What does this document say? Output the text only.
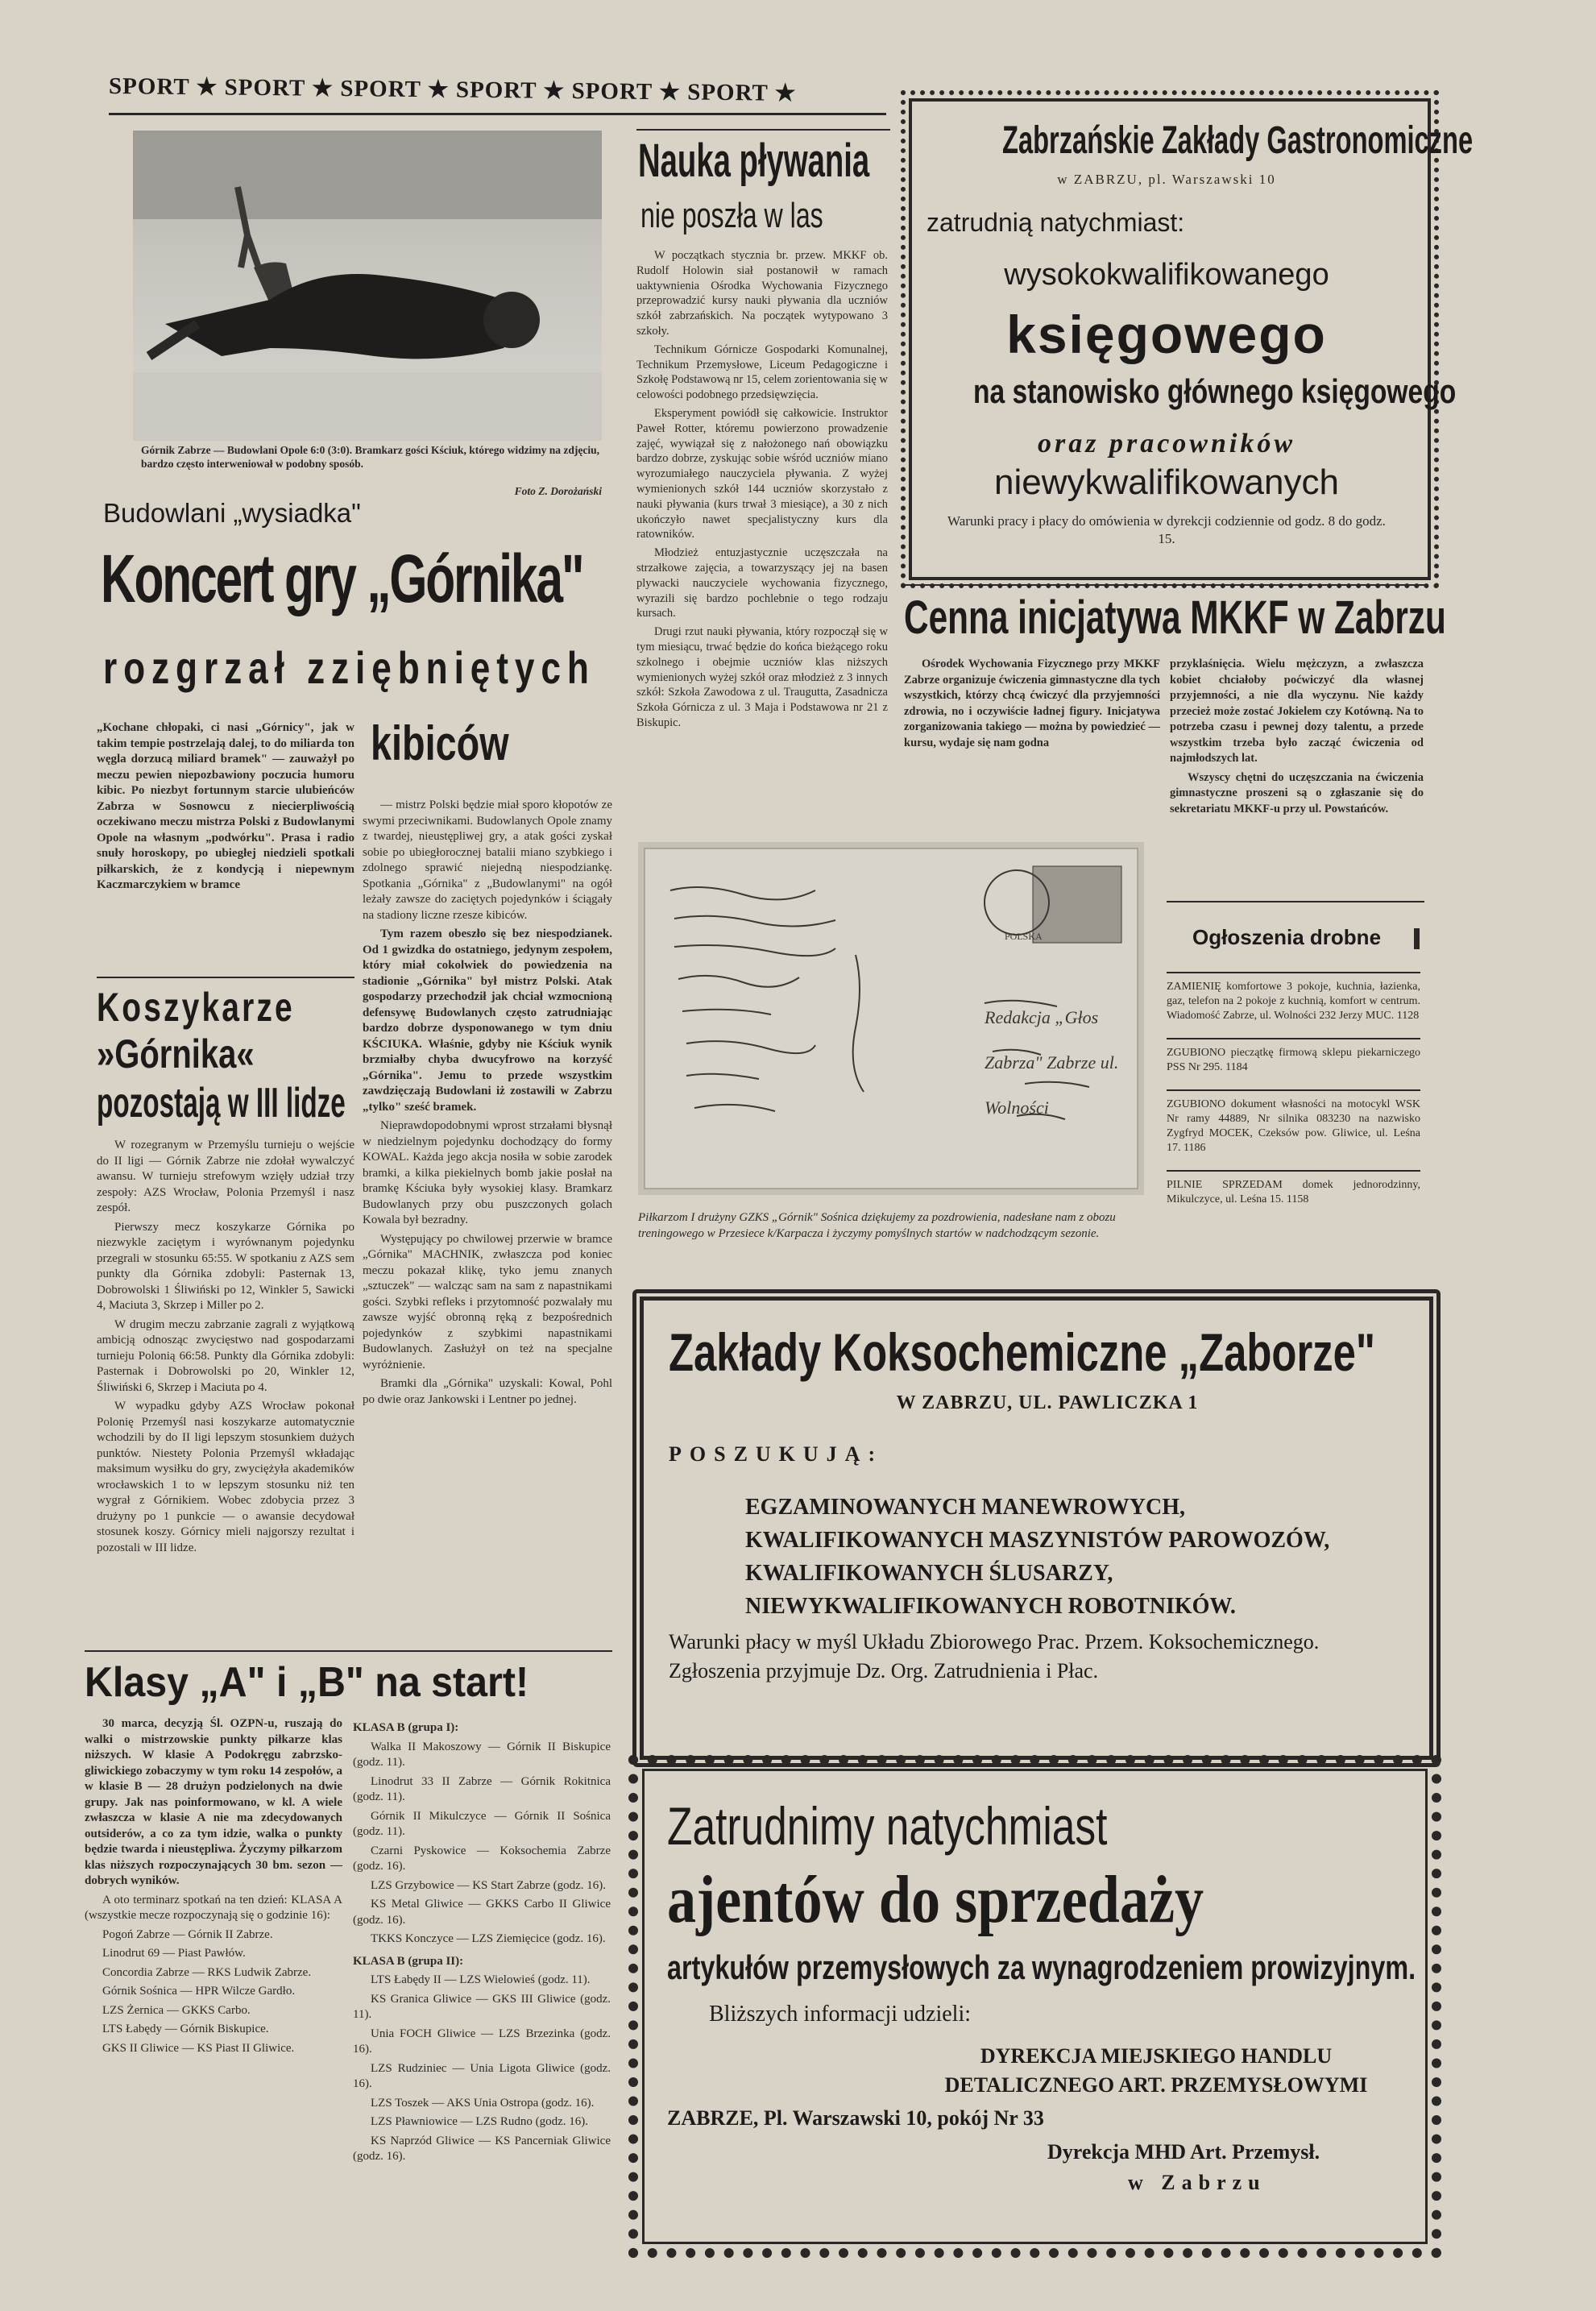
SPORT ★ SPORT ★ SPORT ★ SPORT ★ SPORT ★ SPORT ★
Górnik Zabrze — Budowlani Opole 6:0 (3:0). Bramkarz gości Kściuk, którego widzimy na zdjęciu, bardzo często interweniował w podobny sposób.
Foto Z. Dorożański
Budowlani „wysiadka"
Koncert gry „Górnika"
rozgrzał zziębniętych
kibiców
„Kochane chłopaki, ci nasi „Górnicy", jak w takim tempie postrzelają dalej, to do miliarda ton węgla dorzucą miliard bramek" — zauważył po meczu pewien niepozbawiony poczucia humoru kibic. Po niezbyt fortunnym starcie ulubieńców Zabrza w Sosnowcu z niecierpliwością oczekiwano meczu mistrza Polski z Budowlanymi Opole na własnym „podwórku". Prasa i radio snuły horoskopy, po ubiegłej niedzieli spotkali piłkarskich, że z kondycją i niepewnym Kaczmarczykiem w bramce

— mistrz Polski będzie miał sporo kłopotów ze swymi przeciwnikami. Budowlanych Opole znamy z twardej, nieustępliwej gry, a atak gości zyskał sobie po ubiegłorocznej batalii miano szybkiego i zdolnego sprawić niejedną niespodziankę. Spotkania „Górnika" z „Budowlanymi" na ogół leżały zawsze do zaciętych pojedynków i ściągały na stadiony liczne rzesze kibiców.

Tym razem obeszło się bez niespodzianek. Od 1 gwizdka do ostatniego, jedynym zespołem, który miał cokolwiek do powiedzenia na stadionie „Górnika" był mistrz Polski. Atak gospodarzy przechodził jak chciał wzmocnioną defensywę Budowlanych często zatrudniając bardzo dobrze dysponowanego w tym dniu KŚCIUKA. Właśnie, gdyby nie Kściuk wynik brzmiałby chyba dwucyfrowo na korzyść „Górnika". Jemu to przede wszystkim zawdzięczają Budowlani iż zostawili w Zabrzu „tylko" sześć bramek.

Nieprawdopodobnymi wprost strzałami błysnął w niedzielnym pojedynku dochodzący do formy KOWAL. Każda jego akcja nosiła w sobie zarodek bramki, a kilka piekielnych bomb jakie posłał na bramkę Kściuka były wysokiej klasy. Bramkarz Budowlanych przy obu puszczonych golach Kowala był bezradny.

Występujący po chwilowej przerwie w bramce „Górnika" MACHNIK, zwłaszcza pod koniec meczu pokazał klikę, tyko jemu znanych „sztuczek" — walcząc sam na sam z napastnikami gości. Szybki refleks i przytomność pozwalały mu zawsze wyjść obronną ręką z bezpośrednich pojedynków z szybkimi napastnikami Budowlanych. Zasłużył on też na specjalne wyróżnienie.

Bramki dla „Górnika" uzyskali: Kowal, Pohl po dwie oraz Jankowski i Lentner po jednej.

Koszykarze
»Górnika«
pozostają w III lidze

W rozegranym w Przemyślu turnieju o wejście do II ligi — Górnik Zabrze nie zdołał wywalczyć awansu. W turnieju strefowym wzięły udział trzy zespoły: AZS Wrocław, Polonia Przemyśl i nasz zespół.

Pierwszy mecz koszykarze Górnika po niezwykle zaciętym i wyrównanym pojedynku przegrali w stosunku 65:55. W spotkaniu z AZS sem punkty dla Górnika zdobyli: Pasternak 13, Dobrowolski 1 Śliwiński po 12, Winkler 5, Sawicki 4, Maciuta 3, Skrzep i Miller po 2.

W drugim meczu zabrzanie zagrali z wyjątkową ambicją odnosząc zwycięstwo nad gospodarzami turnieju Polonią 66:58. Punkty dla Górnika zdobyli: Pasternak i Dobrowolski po 20, Winkler 12, Śliwiński 6, Skrzep i Maciuta po 4.

W wypadku gdyby AZS Wrocław pokonał Polonię Przemyśl nasi koszykarze automatycznie wchodzili by do II ligi lepszym stosunkiem dużych punktów. Niestety Polonia Przemyśl wkładając maksimum wysiłku do gry, zwyciężyła akademików wrocławskich 1 to w lepszym stosunku niż ten wygrał z Górnikiem. Wobec zdobycia przez 3 drużyny po 1 punkcie — o awansie decydował stosunek koszy. Górnicy mieli najgorszy rezultat i pozostali w III lidze.

Klasy „A" i „B" na start!

30 marca, decyzją Śl. OZPN-u, ruszają do walki o mistrzowskie punkty piłkarze klas niższych. W klasie A Podokręgu zabrzsko-gliwickiego zobaczymy w tym roku 14 zespołów, a w klasie B — 28 drużyn podzielonych na dwie grupy. Jak nas poinformowano, w kl. A wiele zwłaszcza w klasie A nie ma zdecydowanych outsiderów, a co za tym idzie, walka o punkty będzie twarda i nieustępliwa. Życzymy piłkarzom klas niższych rozpoczynających 30 bm. sezon — dobrych wyników.

A oto terminarz spotkań na ten dzień: KLASA A (wszystkie mecze rozpoczynają się o godzinie 16):

Pogoń Zabrze — Górnik II Zabrze.

Linodrut 69 — Piast Pawłów.

Concordia Zabrze — RKS Ludwik Zabrze.

Górnik Sośnica — HPR Wilcze Gardło.

LZS Żernica — GKKS Carbo.

LTS Łabędy — Górnik Biskupice.

GKS II Gliwice — KS Piast II Gliwice.

KLASA B (grupa I):

Walka II Makoszowy — Górnik II Biskupice (godz. 11).

Linodrut 33 II Zabrze — Górnik Rokitnica (godz. 11).

Górnik II Mikulczyce — Górnik II Sośnica (godz. 11).

Czarni Pyskowice — Koksochemia Zabrze (godz. 16).

LZS Grzybowice — KS Start Zabrze (godz. 16).

KS Metal Gliwice — GKKS Carbo II Gliwice (godz. 16).

TKKS Konczyce — LZS Ziemięcice (godz. 16).

KLASA B (grupa II):

LTS Łabędy II — LZS Wielowieś (godz. 11).

KS Granica Gliwice — GKS III Gliwice (godz. 11).

Unia FOCH Gliwice — LZS Brzezinka (godz. 16).

LZS Rudziniec — Unia Ligota Gliwice (godz. 16).

LZS Toszek — AKS Unia Ostropa (godz. 16).

LZS Pławniowice — LZS Rudno (godz. 16).

KS Naprzód Gliwice — KS Pancerniak Gliwice (godz. 16).

Nauka pływania
nie poszła w las

W początkach stycznia br. przew. MKKF ob. Rudolf Holowin siał postanowił w ramach uaktywnienia Ośrodka Wychowania Fizycznego przeprowadzić kursy nauki pływania dla uczniów szkół zabrzańskich. Na początek wytypowano 3 szkoły.

Technikum Górnicze Gospodarki Komunalnej, Technikum Przemysłowe, Liceum Pedagogiczne i Szkołę Podstawową nr 15, celem zorientowania się w celowości podobnego przedsięwzięcia.

Eksperyment powiódł się całkowicie. Instruktor Paweł Rotter, któremu powierzono prowadzenie zajęć, wywiązał się z nałożonego nań obowiązku bardzo dobrze, zyskując sobie wśród uczniów miano wyrozumiałego nauczyciela pływania. Z wyżej wymienionych szkół 144 uczniów skorzystało z nauki pływania (kurs trwał 3 miesiące), a 30 z nich ukończyło nawet specjalistyczny kurs dla ratowników.

Młodzież entuzjastycznie uczęszczała na strzałkowe zajęcia, a towarzyszący jej na basen plywacki nauczyciele wychowania fizycznego, wyrazili się bardzo pochlebnie o tego rodzaju kursach.

Drugi rzut nauki pływania, który rozpoczął się w tym miesiącu, trwać będzie do końca bieżącego roku szkolnego i obejmie uczniów klas niższych wymienionych wyżej szkół oraz młodzież z 3 innych szkół: Szkoła Zawodowa z ul. Traugutta, Zasadnicza Szkoła Górnicza z ul. 3 Maja i Podstawowa nr 21 z Biskupic.

Zabrzańskie Zakłady Gastronomiczne
w ZABRZU, pl. Warszawski 10
zatrudnią natychmiast:
wysokokwalifikowanego
księgowego
na stanowisko głównego księgowego
oraz pracowników
niewykwalifikowanych
Warunki pracy i płacy do omówienia w dyrekcji codziennie od godz. 8 do godz. 15.
Cenna inicjatywa MKKF w Zabrzu

Ośrodek Wychowania Fizycznego przy MKKF Zabrze organizuje ćwiczenia gimnastyczne dla tych wszystkich, którzy chcą ćwiczyć dla przyjemności zdrowia, no i oczywiście ładnej figury. Inicjatywa zorganizowania takiego — można by powiedzieć — kursu, wydaje się nam godna

przyklaśnięcia. Wielu mężczyzn, a zwłaszcza kobiet chciałoby poćwiczyć dla własnej przyjemności, a nie dla wyczynu. Nie każdy przecież może zostać Jokielem czy Kotówną. Na to potrzeba czasu i pewnej dozy talentu, a przede wszystkim trzeba było zacząć ćwiczenia od najmłodszych lat.

Wszyscy chętni do uczęszczania na ćwiczenia gimnastyczne proszeni są o zgłaszanie się do sekretariatu MKKF-u przy ul. Powstańców.

Ogłoszenia drobne

ZAMIENIĘ komfortowe 3 pokoje, kuchnia, łazienka, gaz, telefon na 2 pokoje z kuchnią, komfort w centrum. Wiadomość Zabrze, ul. Wolności 232 Jerzy MUC. 1128

ZGUBIONO pieczątkę firmową sklepu piekarniczego PSS Nr 295. 1184

ZGUBIONO dokument własności na motocykl WSK Nr ramy 44889, Nr silnika 083230 na nazwisko Zygfryd MOCEK, Czeksów pow. Gliwice, ul. Leśna 17. 1186

PILNIE SPRZEDAM domek jednorodzinny, Mikulczyce, ul. Leśna 15. 1158

POLSKA
Redakcja „Głos Zabrza" Zabrze ul. Wolności
Piłkarzom I drużyny GZKS „Górnik" Sośnica dziękujemy za pozdrowienia, nadesłane nam z obozu treningowego w Przesiece k/Karpacza i życzymy pomyślnych startów w nadchodzącym sezonie.
Zakłady Koksochemiczne „Zaborze"
W ZABRZU, UL. PAWLICZKA 1
POSZUKUJĄ:
EGZAMINOWANYCH MANEWROWYCH,
KWALIFIKOWANYCH MASZYNISTÓW PAROWOZÓW,
KWALIFIKOWANYCH ŚLUSARZY,
NIEWYKWALIFIKOWANYCH ROBOTNIKÓW.
Warunki płacy w myśl Układu Zbiorowego Prac. Przem. Koksochemicznego. Zgłoszenia przyjmuje Dz. Org. Zatrudnienia i Płac.
Zatrudnimy natychmiast
ajentów do sprzedaży
artykułów przemysłowych za wynagrodzeniem prowizyjnym.
Bliższych informacji udzieli:
DYREKCJA MIEJSKIEGO HANDLU DETALICZNEGO ART. PRZEMYSŁOWYMI
ZABRZE, Pl. Warszawski 10, pokój Nr 33
Dyrekcja MHD Art. Przemysł.
w Zabrzu
